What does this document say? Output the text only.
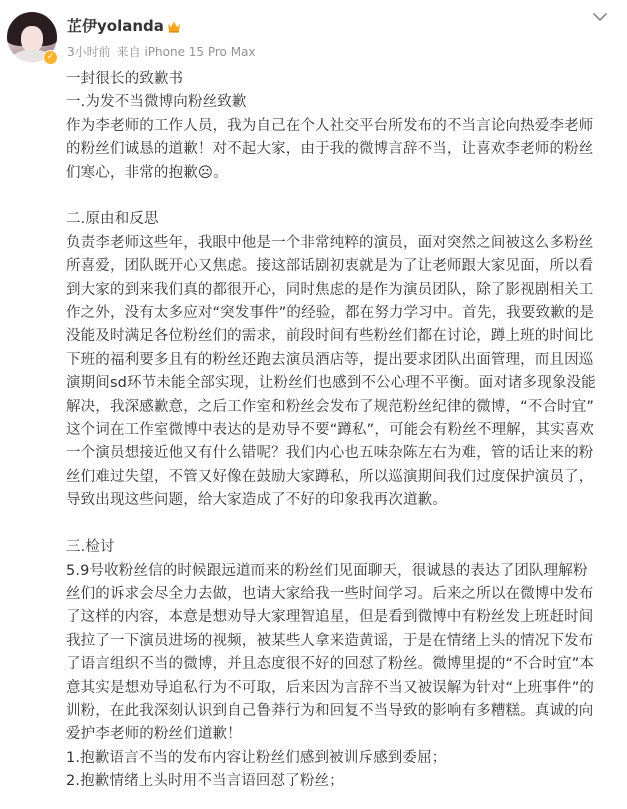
✓
芷伊yolanda
3小时前 来自 iPhone 15 Pro Max

一封很长的致歉书

一.为发不当微博向粉丝致歉

作为李老师的工作人员，我为自己在个人社交平台所发布的不当言论向热爱李老师

的粉丝们诚恳的道歉！对不起大家，由于我的微博言辞不当，让喜欢李老师的粉丝

们寒心，非常的抱歉☹。

二.原由和反思

负责李老师这些年，我眼中他是一个非常纯粹的演员，面对突然之间被这么多粉丝

所喜爱，团队既开心又焦虑。接这部话剧初衷就是为了让老师跟大家见面，所以看

到大家的到来我们真的都很开心，同时焦虑的是作为演员团队，除了影视剧相关工

作之外，没有太多应对“突发事件”的经验，都在努力学习中。首先，我要致歉的是

没能及时满足各位粉丝们的需求，前段时间有些粉丝们都在讨论，蹲上班的时间比

下班的福利要多且有的粉丝还跑去演员酒店等，提出要求团队出面管理，而且因巡

演期间sd环节未能全部实现，让粉丝们也感到不公心理不平衡。面对诸多现象没能

解决，我深感歉意，之后工作室和粉丝会发布了规范粉丝纪律的微博，“不合时宜”

这个词在工作室微博中表达的是劝导不要“蹲私”，可能会有粉丝不理解，其实喜欢

一个演员想接近他又有什么错呢？我们内心也五味杂陈左右为难，管的话让来的粉

丝们难过失望，不管又好像在鼓励大家蹲私，所以巡演期间我们过度保护演员了，

导致出现这些问题，给大家造成了不好的印象我再次道歉。

三.检讨

5.9号收粉丝信的时候跟远道而来的粉丝们见面聊天，很诚恳的表达了团队理解粉

丝们的诉求会尽全力去做，也请大家给我一些时间学习。后来之所以在微博中发布

了这样的内容，本意是想劝导大家理智追星，但是看到微博中有粉丝发上班赶时间

我拉了一下演员进场的视频，被某些人拿来造黄谣，于是在情绪上头的情况下发布

了语言组织不当的微博，并且态度很不好的回怼了粉丝。微博里提的“不合时宜”本

意其实是想劝导追私行为不可取，后来因为言辞不当又被误解为针对“上班事件”的

训粉，在此我深刻认识到自己鲁莽行为和回复不当导致的影响有多糟糕。真诚的向

爱护李老师的粉丝们道歉！

1.抱歉语言不当的发布内容让粉丝们感到被训斥感到委屈；

2.抱歉情绪上头时用不当言语回怼了粉丝；
